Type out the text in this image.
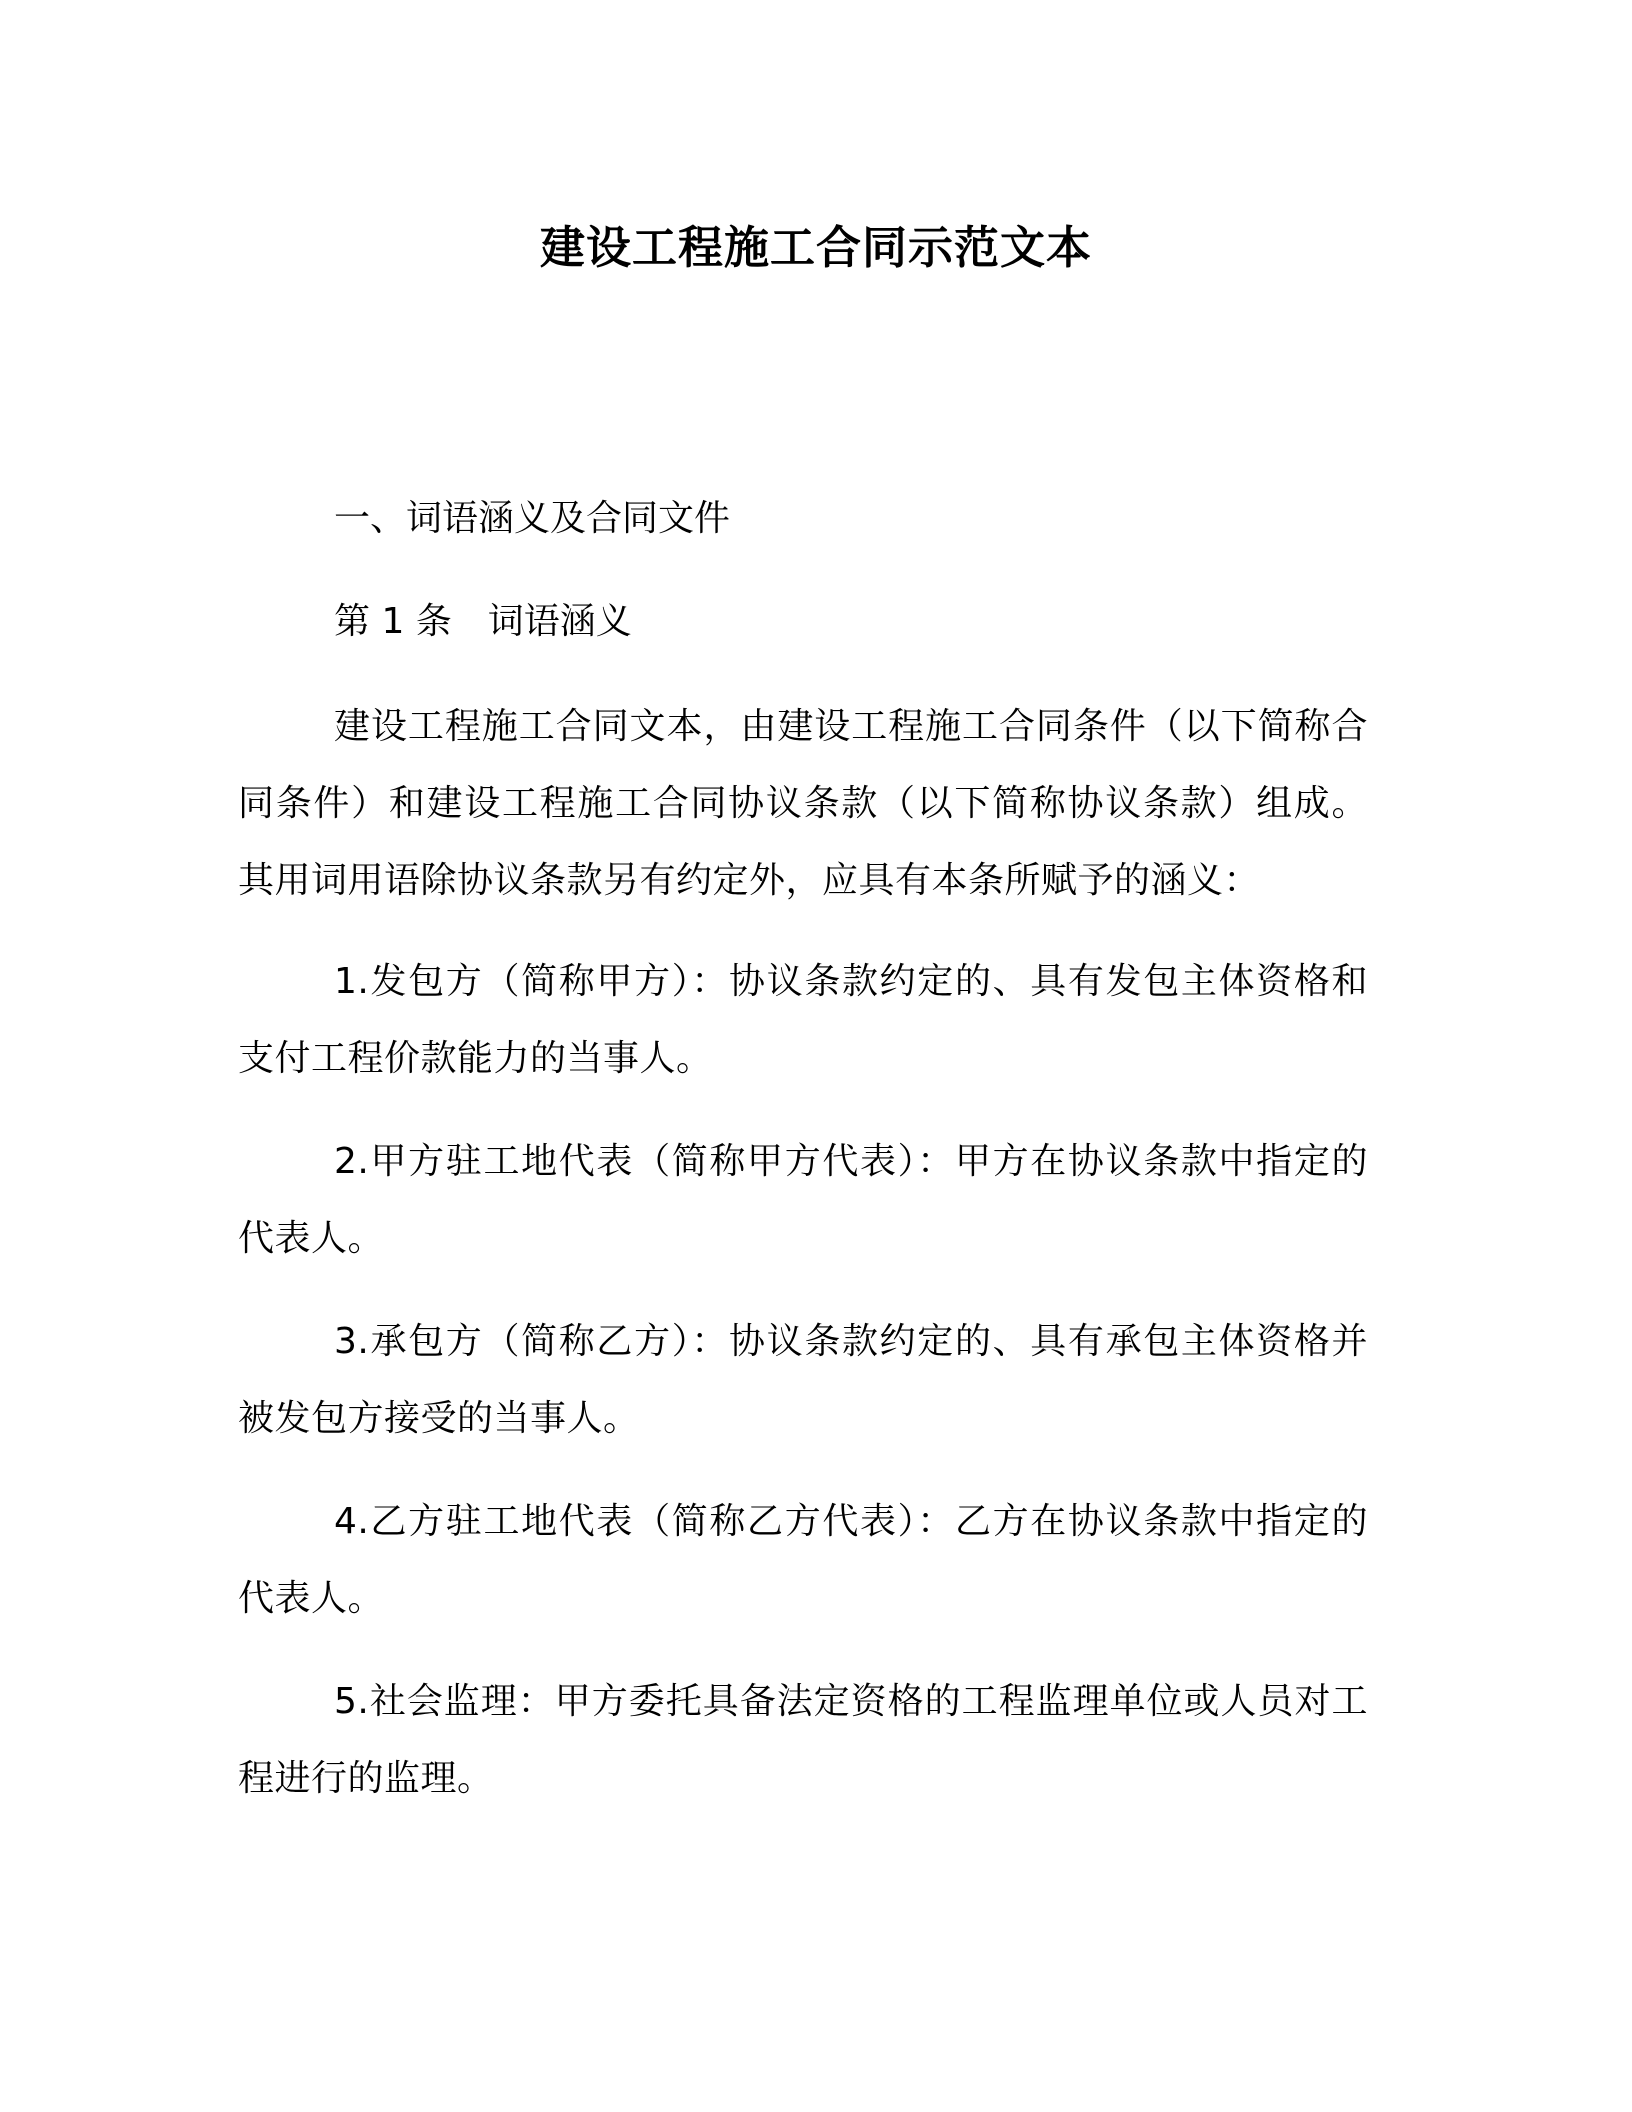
建设工程施工合同示范文本
一、词语涵义及合同文件
第 1 条　词语涵义
建设工程施工合同文本，由建设工程施工合同条件（以下简称合同条件）和建设工程施工合同协议条款（以下简称协议条款）组成。其用词用语除协议条款另有约定外，应具有本条所赋予的涵义：
1.发包方（简称甲方）：协议条款约定的、具有发包主体资格和支付工程价款能力的当事人。
2.甲方驻工地代表（简称甲方代表）：甲方在协议条款中指定的代表人。
3.承包方（简称乙方）：协议条款约定的、具有承包主体资格并被发包方接受的当事人。
4.乙方驻工地代表（简称乙方代表）：乙方在协议条款中指定的代表人。
5.社会监理：甲方委托具备法定资格的工程监理单位或人员对工程进行的监理。
